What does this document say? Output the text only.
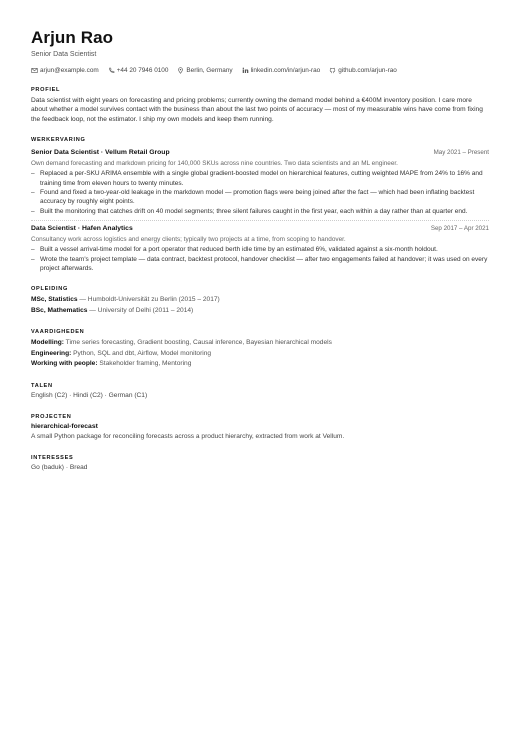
Arjun Rao
Senior Data Scientist
arjun@example.com	+44 20 7946 0100	Berlin, Germany	linkedin.com/in/arjun-rao	github.com/arjun-rao
PROFIEL
Data scientist with eight years on forecasting and pricing problems; currently owning the demand model behind a €400M inventory position. I care more about whether a model survives contact with the business than about the last two points of accuracy — most of my measurable wins have come from fixing the feedback loop, not the estimator. I ship my own models and keep them running.
WERKERVARING
Senior Data Scientist · Vellum Retail Group	May 2021 – Present
Own demand forecasting and markdown pricing for 140,000 SKUs across nine countries. Two data scientists and an ML engineer.
– Replaced a per-SKU ARIMA ensemble with a single global gradient-boosted model on hierarchical features, cutting weighted MAPE from 24% to 16% and training time from eleven hours to twenty minutes.
– Found and fixed a two-year-old leakage in the markdown model — promotion flags were being joined after the fact — which had been inflating backtest accuracy by roughly eight points.
– Built the monitoring that catches drift on 40 model segments; three silent failures caught in the first year, each within a day rather than at quarter end.
Data Scientist · Hafen Analytics	Sep 2017 – Apr 2021
Consultancy work across logistics and energy clients; typically two projects at a time, from scoping to handover.
– Built a vessel arrival-time model for a port operator that reduced berth idle time by an estimated 6%, validated against a six-month holdout.
– Wrote the team's project template — data contract, backtest protocol, handover checklist — after two engagements failed at handover; it was used on every project afterwards.
OPLEIDING
MSc, Statistics — Humboldt-Universität zu Berlin (2015 – 2017)
BSc, Mathematics — University of Delhi (2011 – 2014)
VAARDIGHEDEN
Modelling: Time series forecasting, Gradient boosting, Causal inference, Bayesian hierarchical models
Engineering: Python, SQL and dbt, Airflow, Model monitoring
Working with people: Stakeholder framing, Mentoring
TALEN
English (C2) · Hindi (C2) · German (C1)
PROJECTEN
hierarchical-forecast
A small Python package for reconciling forecasts across a product hierarchy, extracted from work at Vellum.
INTERESSES
Go (baduk) · Bread
